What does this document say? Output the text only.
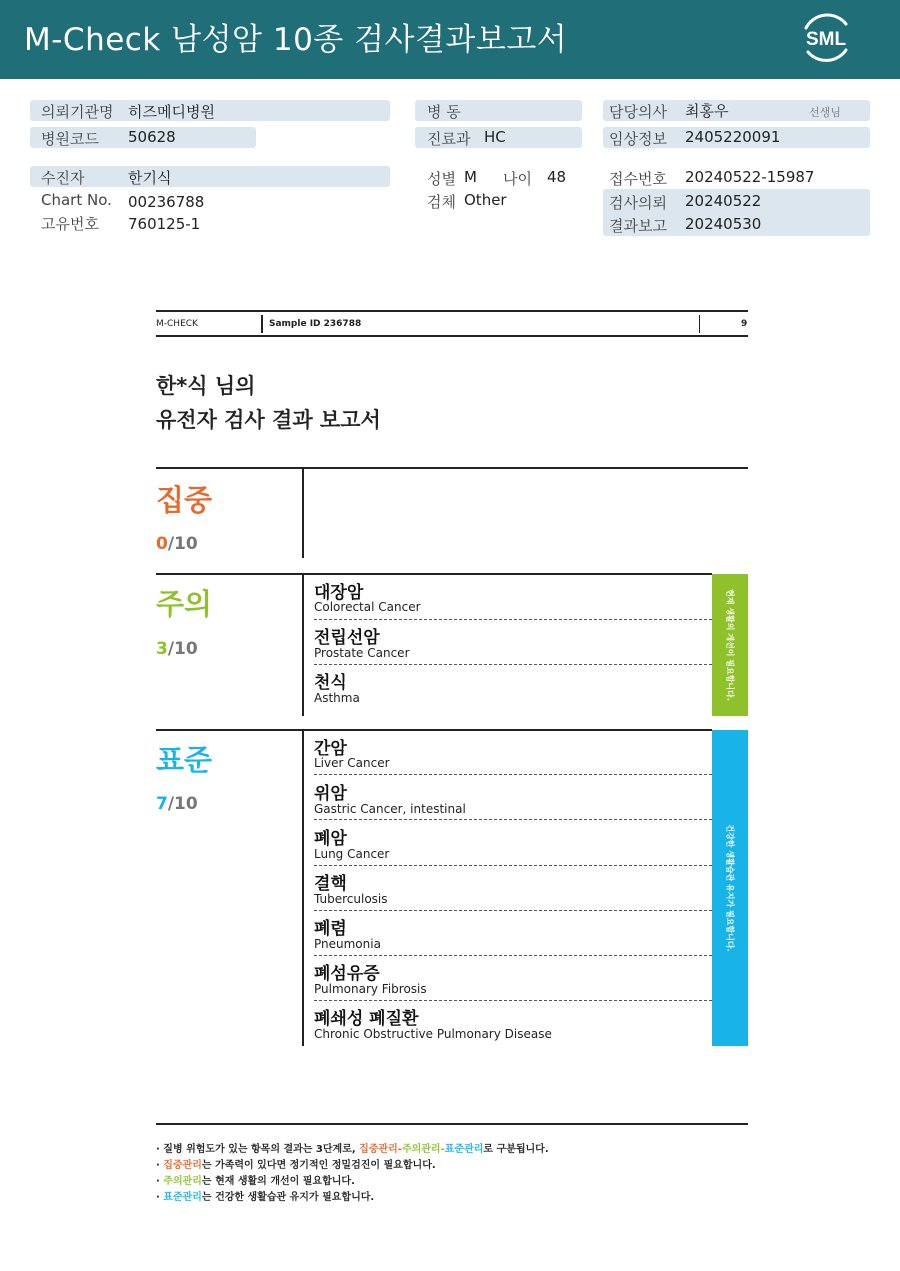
M-Check 남성암 10종 검사결과보고서	SML
의뢰기관명 히즈메디병원
병원코드 50628
병 동
진료과 HC
담당의사 최홍우	선생님
임상정보 2405220091
수진자	한기식
Chart No. 00236788
고유번호 760125-1
성별 M 나이 48
검체 Other
접수번호 20240522-15987
검사의뢰 20240522
결과보고 20240530
M-CHECK	Sample ID 236788	9
한*식 님의
유전자 검사 결과 보고서
집중
0/10
주의
3/10
대장암
Colorectal Cancer
전립선암
Prostate Cancer
천식
Asthma	현재 생활의 개선이 필요합니다.
표준
7/10
간암
Liver Cancer
위암
Gastric Cancer, intestinal
폐암
Lung Cancer
결핵
Tuberculosis
폐렴
Pneumonia
폐섬유증
Pulmonary Fibrosis
폐쇄성 폐질환
Chronic Obstructive Pulmonary Disease
건강한 생활습관 유지가 필요합니다.
· 질병 위험도가 있는 항목의 결과는 3단계로, 집중관리-주의관리-표준관리로 구분됩니다.
· 집중관리는 가족력이 있다면 정기적인 정밀검진이 필요합니다.
· 주의관리는 현재 생활의 개선이 필요합니다.
· 표준관리는 건강한 생활습관 유지가 필요합니다.
